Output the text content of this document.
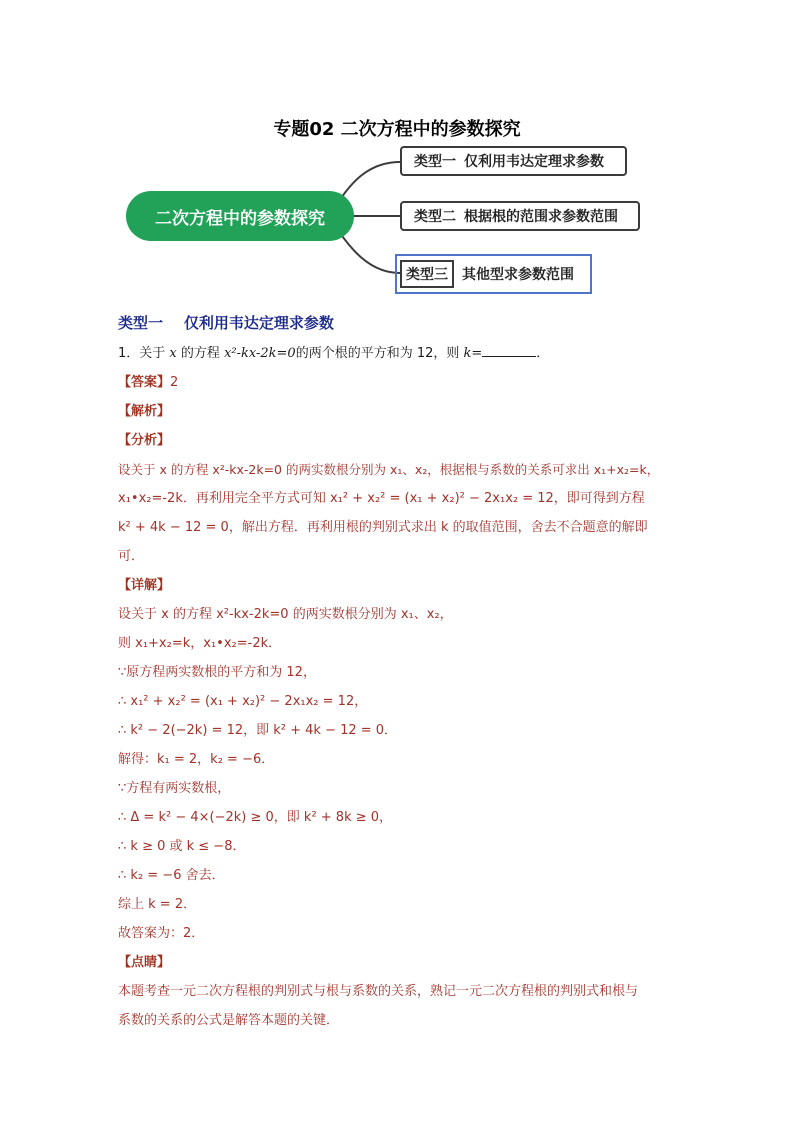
专题02 二次方程中的参数探究
二次方程中的参数探究
类型一 仅利用韦达定理求参数
类型二 根据根的范围求参数范围
类型三	其他型求参数范围
类型一    仅利用韦达定理求参数
1．关于 x 的方程 x²-kx-2k=0的两个根的平方和为 12，则 k=	．
【答案】2
【解析】
【分析】
设关于 x 的方程 x²-kx-2k=0 的两实数根分别为 x₁、x₂，根据根与系数的关系可求出 x₁+x₂=k，
x₁•x₂=-2k．再利用完全平方式可知 x₁² + x₂² = (x₁ + x₂)² − 2x₁x₂ = 12，即可得到方程
k² + 4k − 12 = 0，解出方程．再利用根的判别式求出 k 的取值范围，舍去不合题意的解即
可．
【详解】
设关于 x 的方程 x²-kx-2k=0 的两实数根分别为 x₁、x₂，
则 x₁+x₂=k，x₁•x₂=-2k．
∵原方程两实数根的平方和为 12，
∴ x₁² + x₂² = (x₁ + x₂)² − 2x₁x₂ = 12，
∴ k² − 2(−2k) = 12，即 k² + 4k − 12 = 0．
解得：k₁ = 2，k₂ = −6．
∵方程有两实数根，
∴ Δ = k² − 4×(−2k) ≥ 0，即 k² + 8k ≥ 0，
∴ k ≥ 0 或 k ≤ −8．
∴ k₂ = −6 舍去．
综上 k = 2．
故答案为：2．
【点睛】
本题考查一元二次方程根的判别式与根与系数的关系，熟记一元二次方程根的判别式和根与
系数的关系的公式是解答本题的关键．
